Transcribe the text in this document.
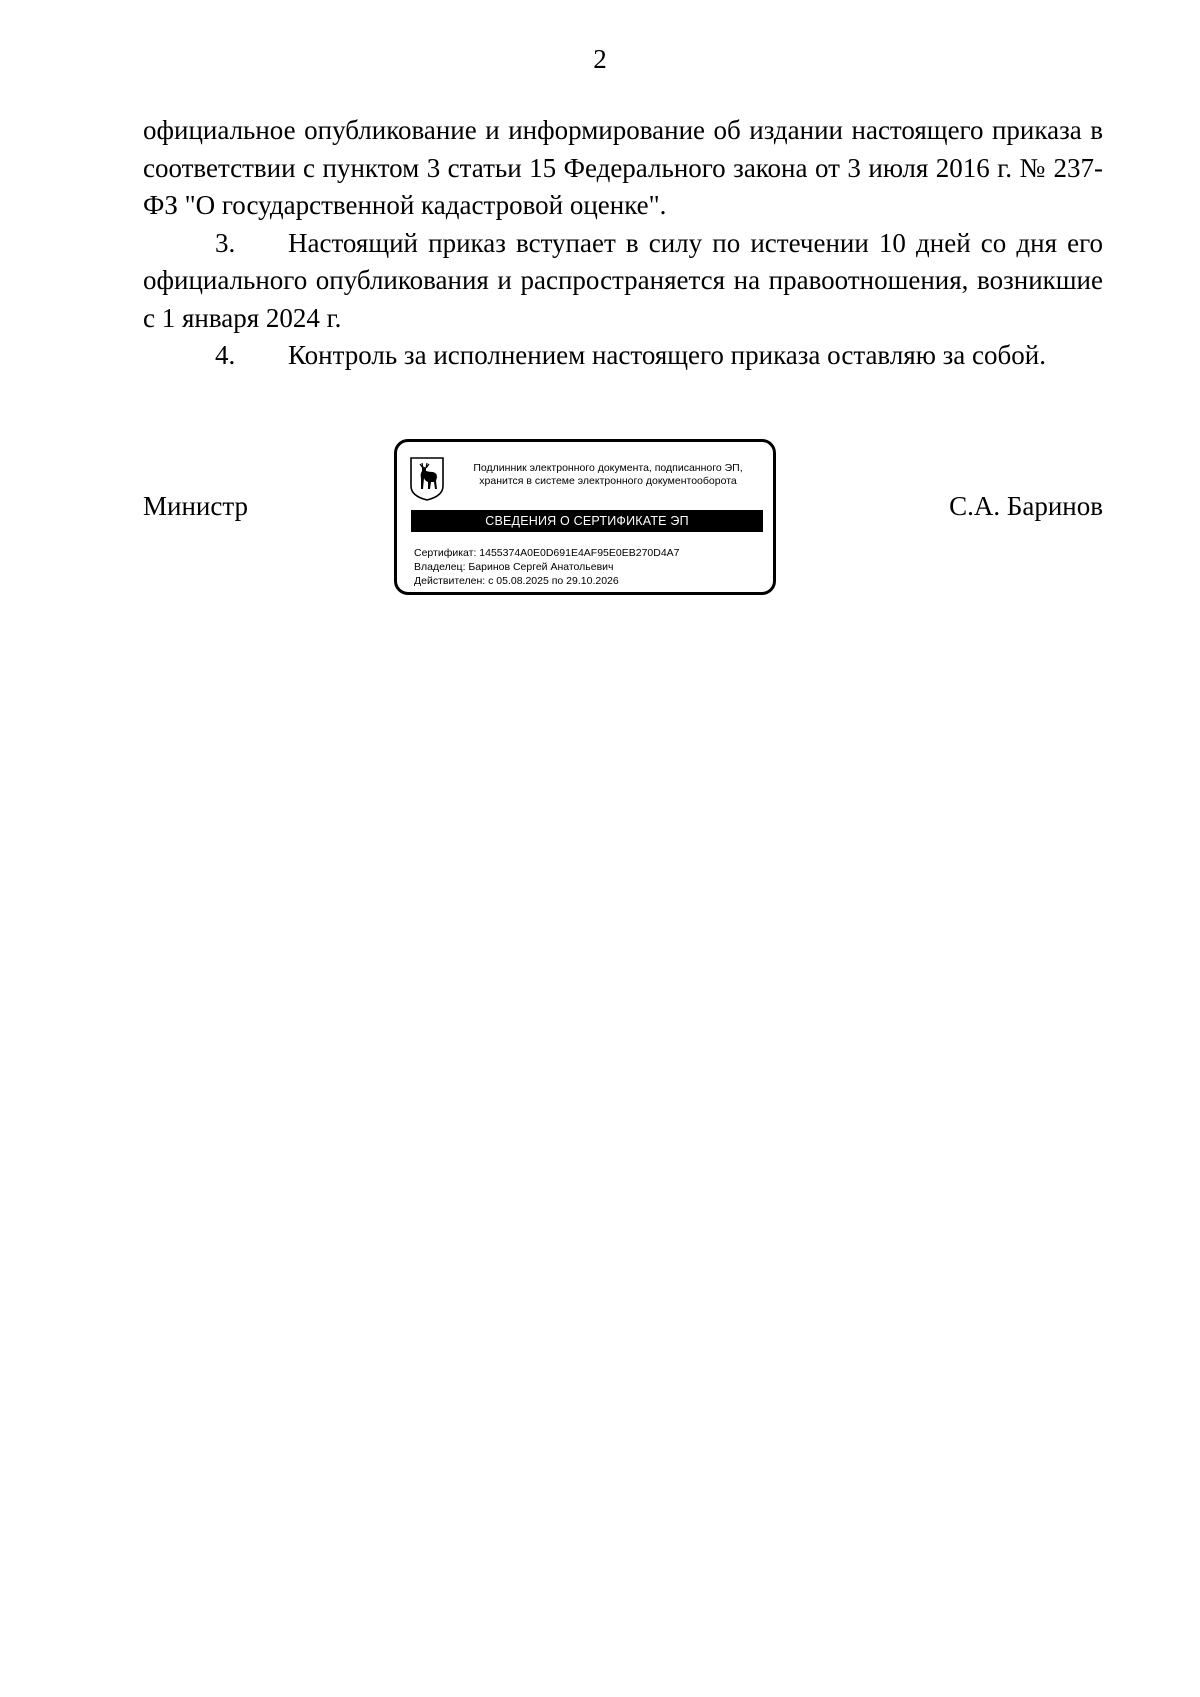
2

официальное опубликование и информирование об издании настоящего приказа в соответствии с пунктом 3 статьи 15 Федерального закона от 3 июля 2016 г. № 237-ФЗ "О государственной кадастровой оценке".

3. Настоящий приказ вступает в силу по истечении 10 дней со дня его официального опубликования и распространяется на правоотношения, возникшие с 1 января 2024 г.

4. Контроль за исполнением настоящего приказа оставляю за собой.

Министр
Подлинник электронного документа, подписанного ЭП,
хранится в системе электронного документооборота
СВЕДЕНИЯ О СЕРТИФИКАТЕ ЭП
Сертификат: 1455374A0E0D691E4AF95E0EB270D4A7
Владелец: Баринов Сергей Анатольевич
Действителен: с 05.08.2025 по 29.10.2026
С.А. Баринов
